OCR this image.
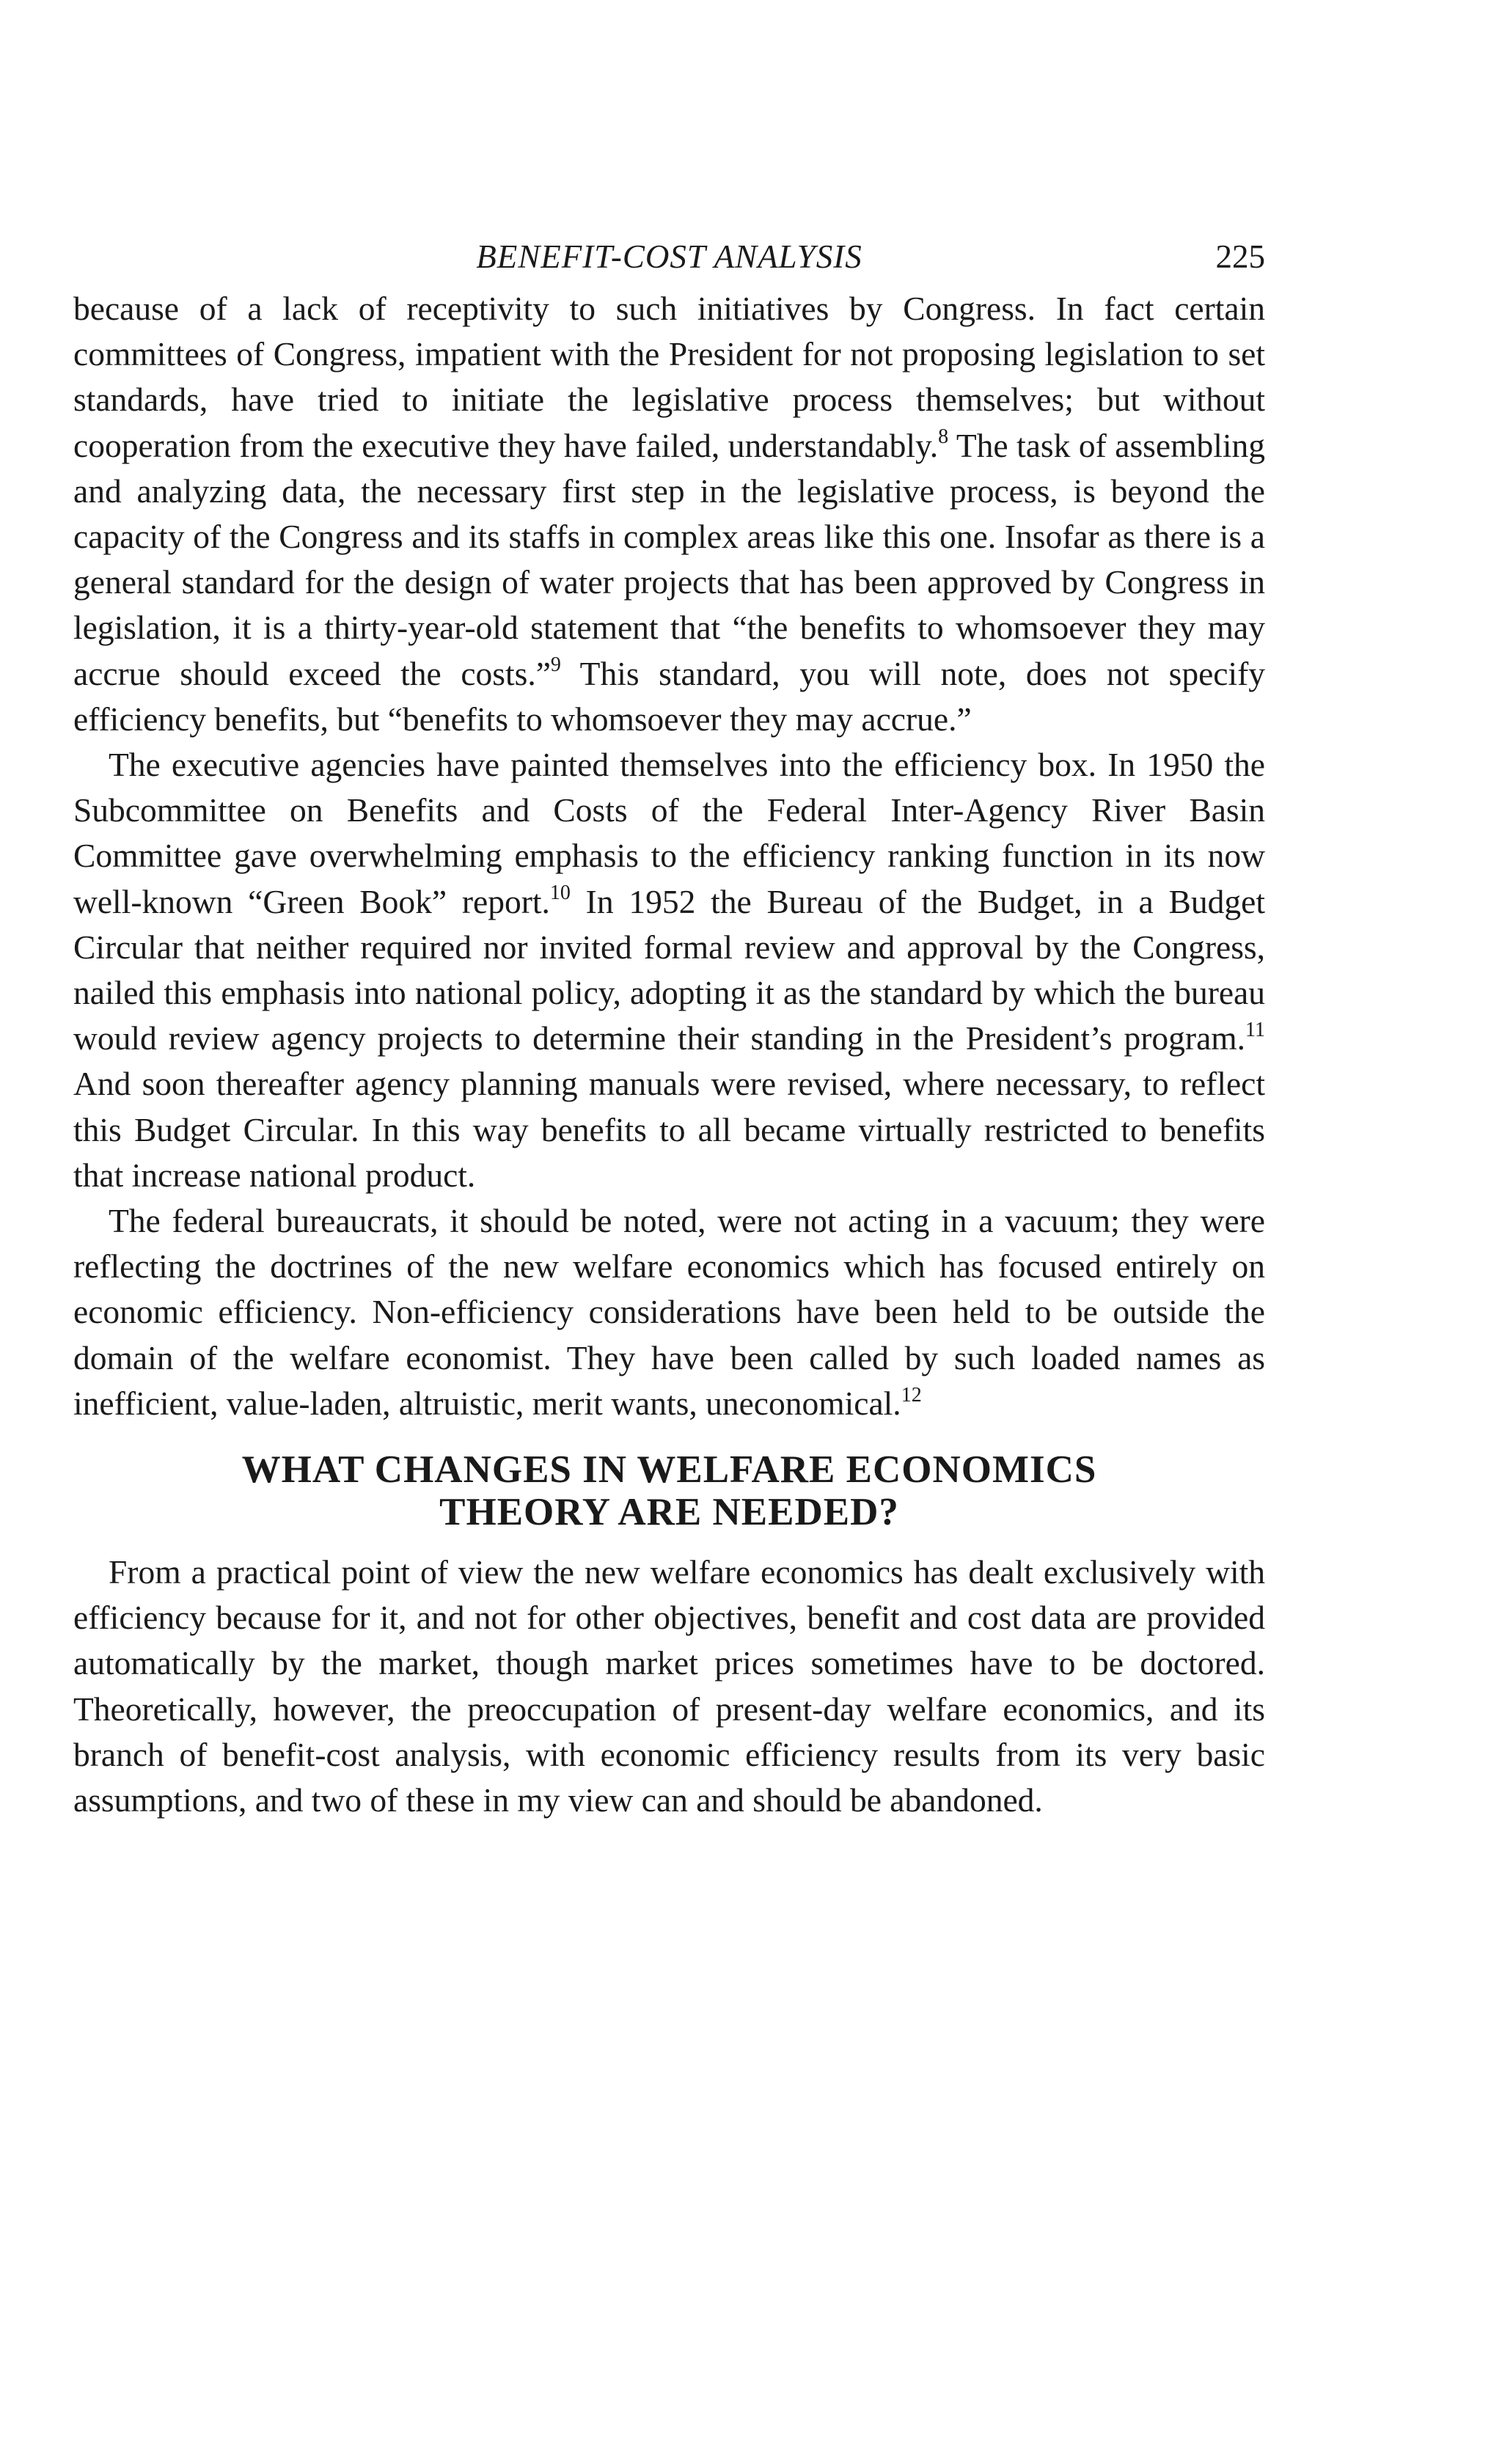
BENEFIT-COST ANALYSIS	225

because of a lack of receptivity to such initiatives by Congress. In fact certain committees of Congress, impatient with the President for not proposing legislation to set standards, have tried to initiate the legislative process themselves; but without cooperation from the executive they have failed, understandably.$^8$ The task of assembling and analyzing data, the necessary first step in the legislative process, is beyond the capacity of the Congress and its staffs in complex areas like this one. Insofar as there is a general standard for the design of water projects that has been approved by Congress in legislation, it is a thirty-year-old statement that “the benefits to whomsoever they may accrue should exceed the costs.”$^9$ This standard, you will note, does not specify efficiency benefits, but “benefits to whomsoever they may accrue.”

The executive agencies have painted themselves into the efficiency box. In 1950 the Subcommittee on Benefits and Costs of the Federal Inter-Agency River Basin Committee gave overwhelming emphasis to the efficiency ranking function in its now well-known “Green Book” report.$^{10}$ In 1952 the Bureau of the Budget, in a Budget Circular that neither required nor invited formal review and approval by the Congress, nailed this emphasis into national policy, adopting it as the standard by which the bureau would review agency projects to determine their standing in the President’s program.$^{11}$ And soon thereafter agency planning manuals were revised, where necessary, to reflect this Budget Circular. In this way benefits to all became virtually restricted to benefits that increase national product.

The federal bureaucrats, it should be noted, were not acting in a vacuum; they were reflecting the doctrines of the new welfare economics which has focused entirely on economic efficiency. Non-efficiency considerations have been held to be outside the domain of the welfare economist. They have been called by such loaded names as inefficient, value-laden, altruistic, merit wants, uneconomical.$^{12}$

WHAT CHANGES IN WELFARE ECONOMICS
THEORY ARE NEEDED?

From a practical point of view the new welfare economics has dealt exclusively with efficiency because for it, and not for other objectives, benefit and cost data are provided automatically by the market, though market prices sometimes have to be doctored. Theoretically, however, the preoccupation of present-day welfare economics, and its branch of benefit-cost analysis, with economic efficiency results from its very basic assumptions, and two of these in my view can and should be abandoned.
